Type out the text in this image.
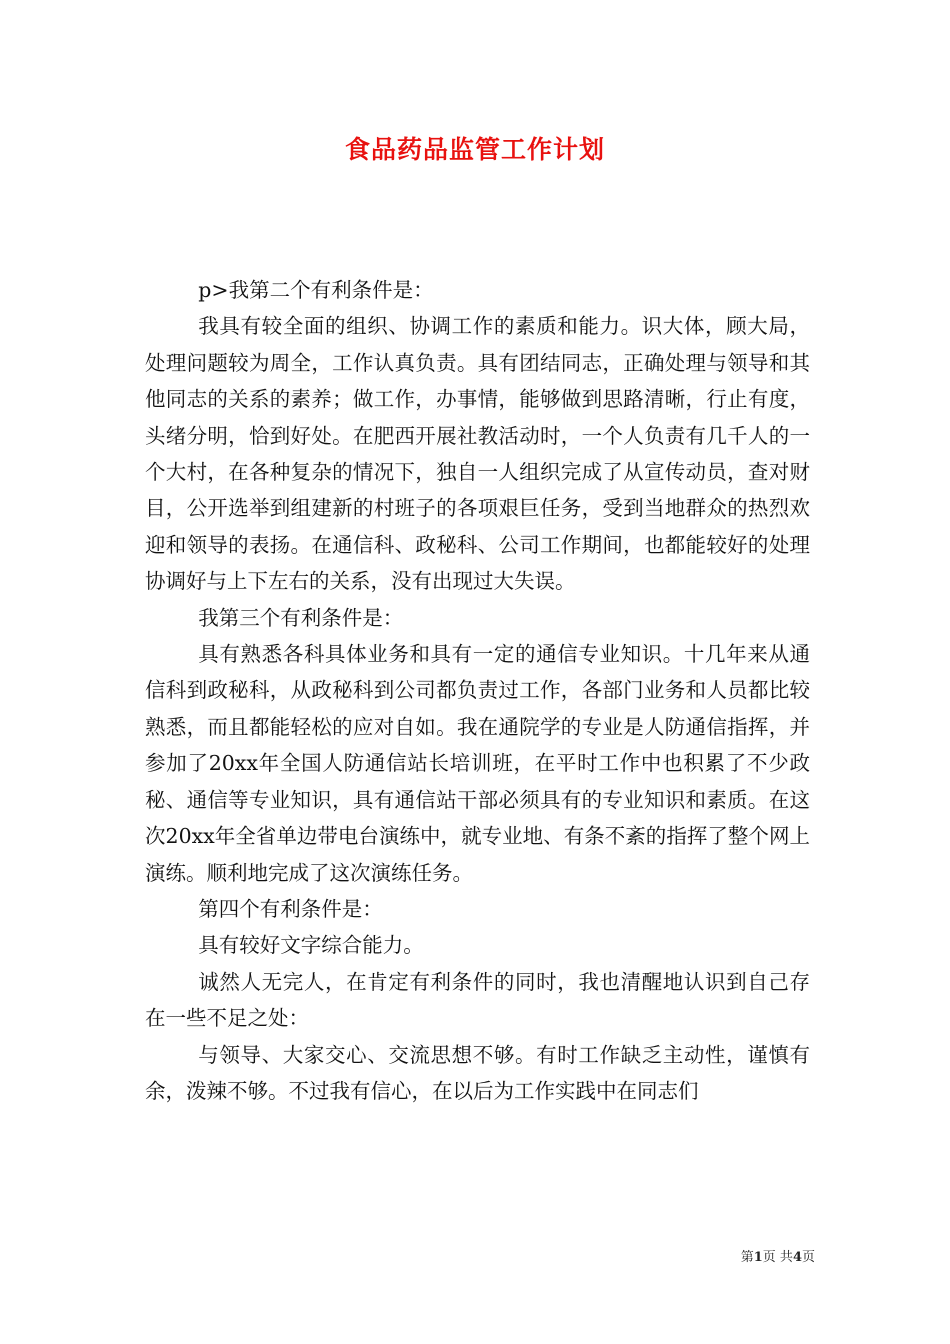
食品药品监管工作计划

p>我第二个有利条件是：

我具有较全面的组织、协调工作的素质和能力。识大体，顾大局，处理问题较为周全，工作认真负责。具有团结同志，正确处理与领导和其他同志的关系的素养；做工作，办事情，能够做到思路清晰，行止有度，头绪分明，恰到好处。在肥西开展社教活动时，一个人负责有几千人的一个大村，在各种复杂的情况下，独自一人组织完成了从宣传动员，查对财目，公开选举到组建新的村班子的各项艰巨任务，受到当地群众的热烈欢迎和领导的表扬。在通信科、政秘科、公司工作期间，也都能较好的处理协调好与上下左右的关系，没有出现过大失误。

我第三个有利条件是：

具有熟悉各科具体业务和具有一定的通信专业知识。十几年来从通信科到政秘科，从政秘科到公司都负责过工作，各部门业务和人员都比较熟悉，而且都能轻松的应对自如。我在通院学的专业是人防通信指挥，并参加了20xx年全国人防通信站长培训班，在平时工作中也积累了不少政秘、通信等专业知识，具有通信站干部必须具有的专业知识和素质。在这次20xx年全省单边带电台演练中，就专业地、有条不紊的指挥了整个网上演练。顺利地完成了这次演练任务。

第四个有利条件是：

具有较好文字综合能力。

诚然人无完人，在肯定有利条件的同时，我也清醒地认识到自己存在一些不足之处：

与领导、大家交心、交流思想不够。有时工作缺乏主动性，谨慎有余，泼辣不够。不过我有信心，在以后为工作实践中在同志们

第1页 共4页
